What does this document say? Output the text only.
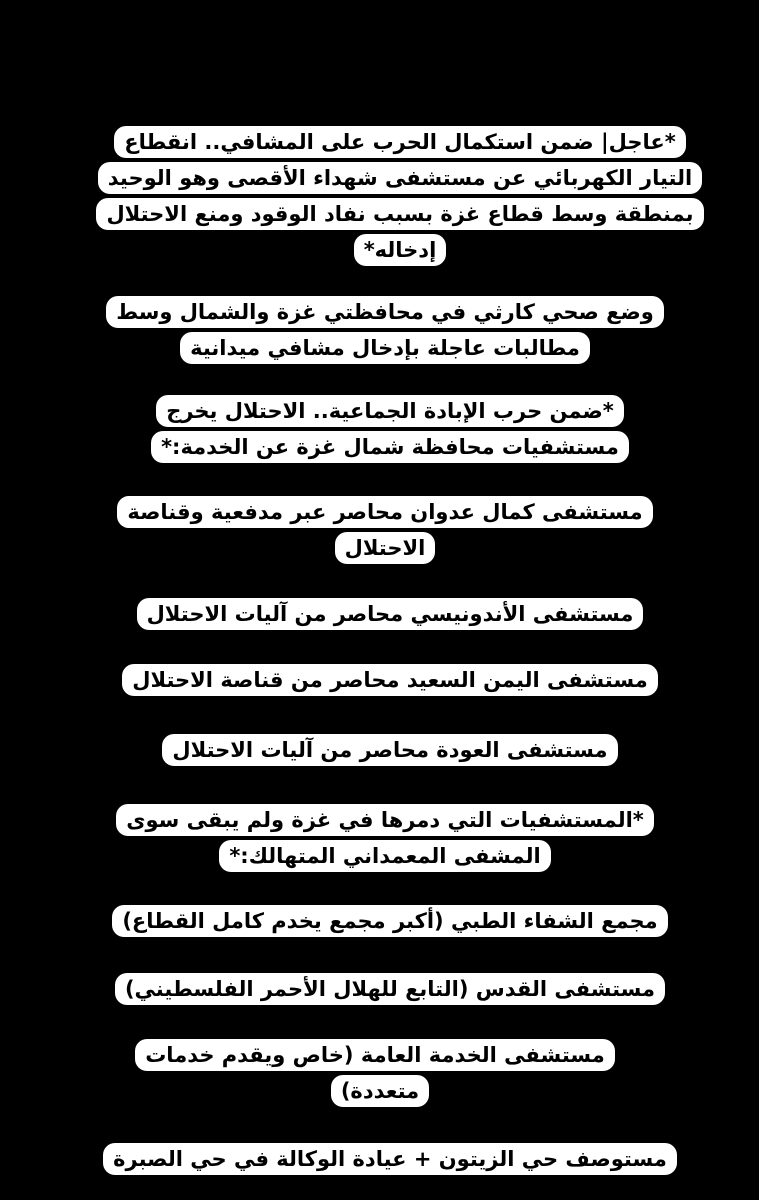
*عاجل| ضمن استكمال الحرب على المشافي.. انقطاع التيار الكهربائي عن مستشفى شهداء الأقصى وهو الوحيد بمنطقة وسط قطاع غزة بسبب نفاد الوقود ومنع الاحتلال إدخاله*
وضع صحي كارثي في محافظتي غزة والشمال وسط مطالبات عاجلة بإدخال مشافي ميدانية
*ضمن حرب الإبادة الجماعية.. الاحتلال يخرج مستشفيات محافظة شمال غزة عن الخدمة:*
مستشفى كمال عدوان محاصر عبر مدفعية وقناصة الاحتلال
مستشفى الأندونيسي محاصر من آليات الاحتلال
مستشفى اليمن السعيد محاصر من قناصة الاحتلال
مستشفى العودة محاصر من آليات الاحتلال
*المستشفيات التي دمرها في غزة ولم يبقى سوى المشفى المعمداني المتهالك:*
مجمع الشفاء الطبي (أكبر مجمع يخدم كامل القطاع)
مستشفى القدس (التابع للهلال الأحمر الفلسطيني)
مستشفى الخدمة العامة (خاص ويقدم خدمات متعددة)
مستوصف حي الزيتون + عيادة الوكالة في حي الصبرة
